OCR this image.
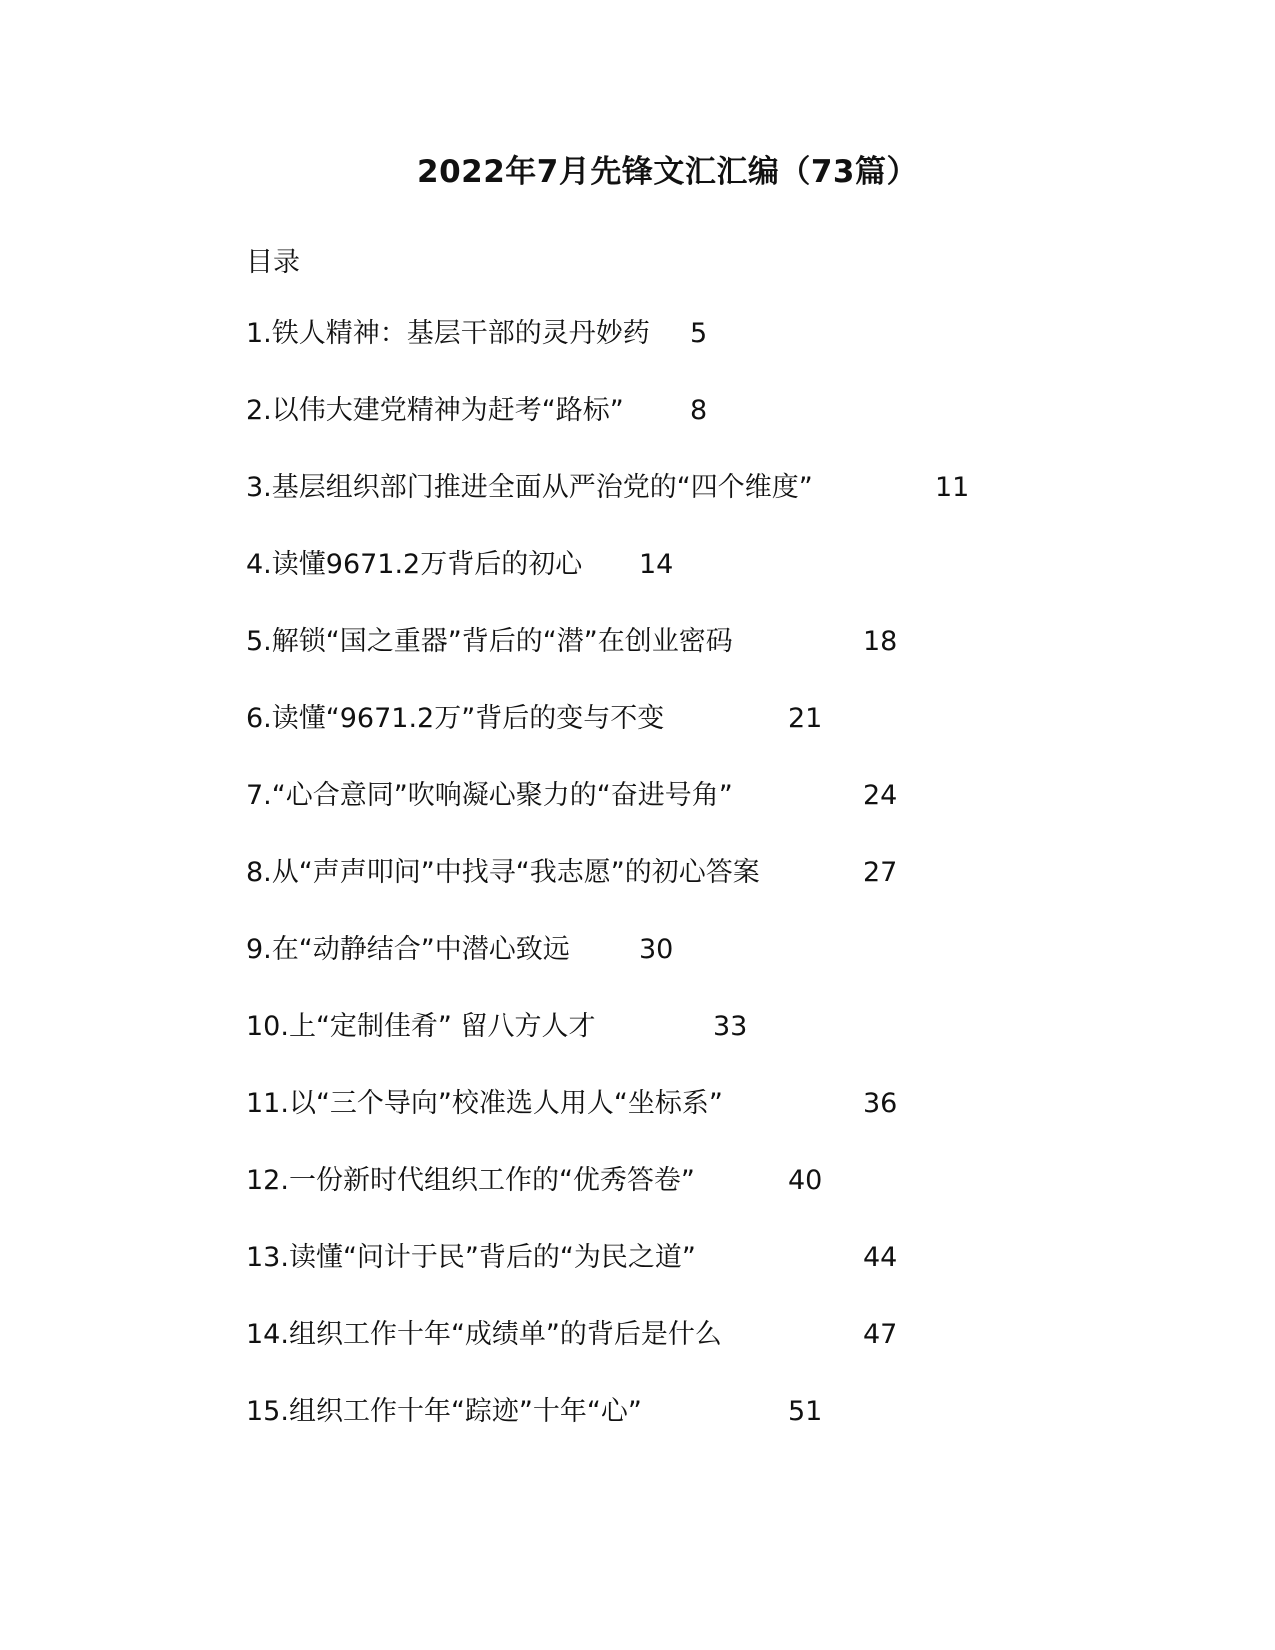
2022年7月先锋文汇汇编（73篇）
目录
1.铁人精神：基层干部的灵丹妙药 5
2.以伟大建党精神为赶考“路标” 8
3.基层组织部门推进全面从严治党的“四个维度”	11
4.读懂9671.2万背后的初心 14
5.解锁“国之重器”背后的“潜”在创业密码	18
6.读懂“9671.2万”背后的变与不变	21
7.“心合意同”吹响凝心聚力的“奋进号角”	24
8.从“声声叩问”中找寻“我志愿”的初心答案	27
9.在“动静结合”中潜心致远	30
10.上“定制佳肴” 留八方人才	33
11.以“三个导向”校准选人用人“坐标系”	36
12.一份新时代组织工作的“优秀答卷”	40
13.读懂“问计于民”背后的“为民之道”	44
14.组织工作十年“成绩单”的背后是什么	47
15.组织工作十年“踪迹”十年“心”	51
